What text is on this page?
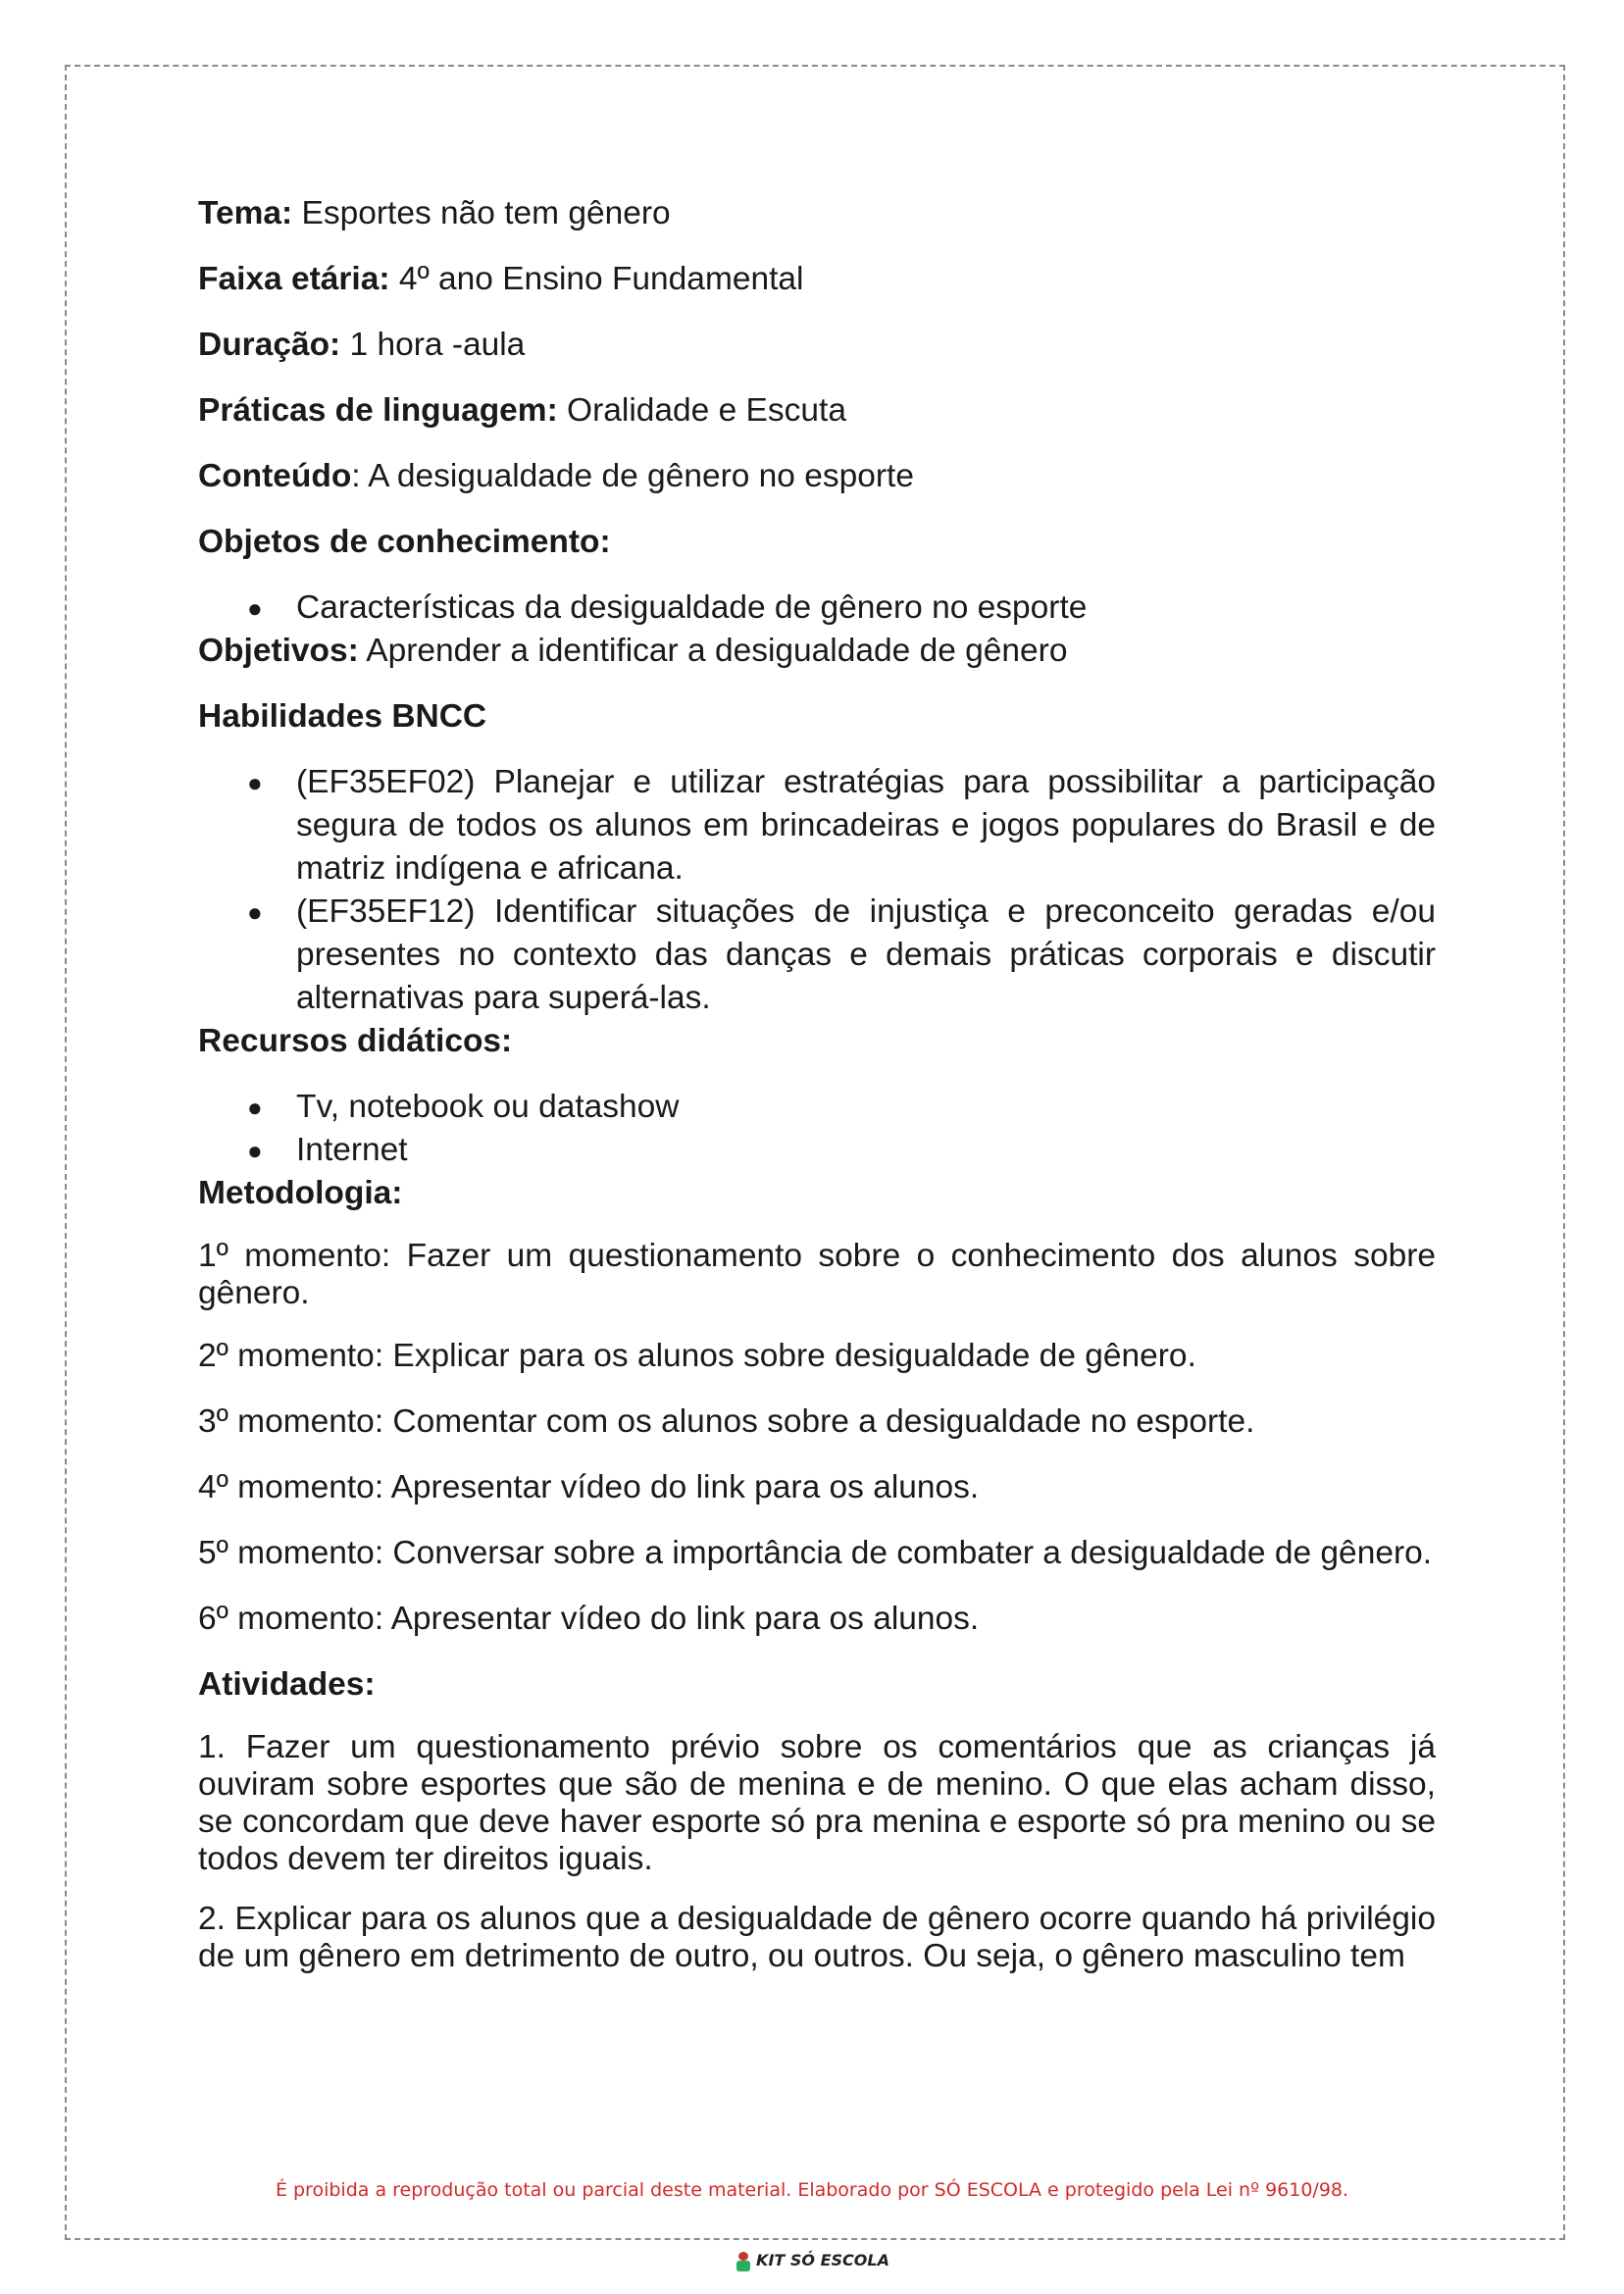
Tema: Esportes não tem gênero

Faixa etária: 4º ano Ensino Fundamental

Duração: 1 hora -aula

Práticas de linguagem: Oralidade e Escuta

Conteúdo: A desigualdade de gênero no esporte

Objetos de conhecimento:

● Características da desigualdade de gênero no esporte

Objetivos: Aprender a identificar a desigualdade de gênero

Habilidades BNCC

● (EF35EF02) Planejar e utilizar estratégias para possibilitar a participação segura de todos os alunos em brincadeiras e jogos populares do Brasil e de matriz indígena e africana.
● (EF35EF12) Identificar situações de injustiça e preconceito geradas e/ou presentes no contexto das danças e demais práticas corporais e discutir alternativas para superá-las.

Recursos didáticos:

● Tv, notebook ou datashow
● Internet

Metodologia:

1º momento: Fazer um questionamento sobre o conhecimento dos alunos sobre gênero.

2º momento: Explicar para os alunos sobre desigualdade de gênero.

3º momento: Comentar com os alunos sobre a desigualdade no esporte.

4º momento: Apresentar vídeo do link para os alunos.

5º momento: Conversar sobre a importância de combater a desigualdade de gênero.

6º momento: Apresentar vídeo do link para os alunos.

Atividades:

1. Fazer um questionamento prévio sobre os comentários que as crianças já ouviram sobre esportes que são de menina e de menino. O que elas acham disso, se concordam que deve haver esporte só pra menina e esporte só pra menino ou se todos devem ter direitos iguais.

2. Explicar para os alunos que a desigualdade de gênero ocorre quando há privilégio de um gênero em detrimento de outro, ou outros. Ou seja, o gênero masculino tem

É proibida a reprodução total ou parcial deste material. Elaborado por SÓ ESCOLA e protegido pela Lei nº 9610/98.
KIT SÓ ESCOLA
